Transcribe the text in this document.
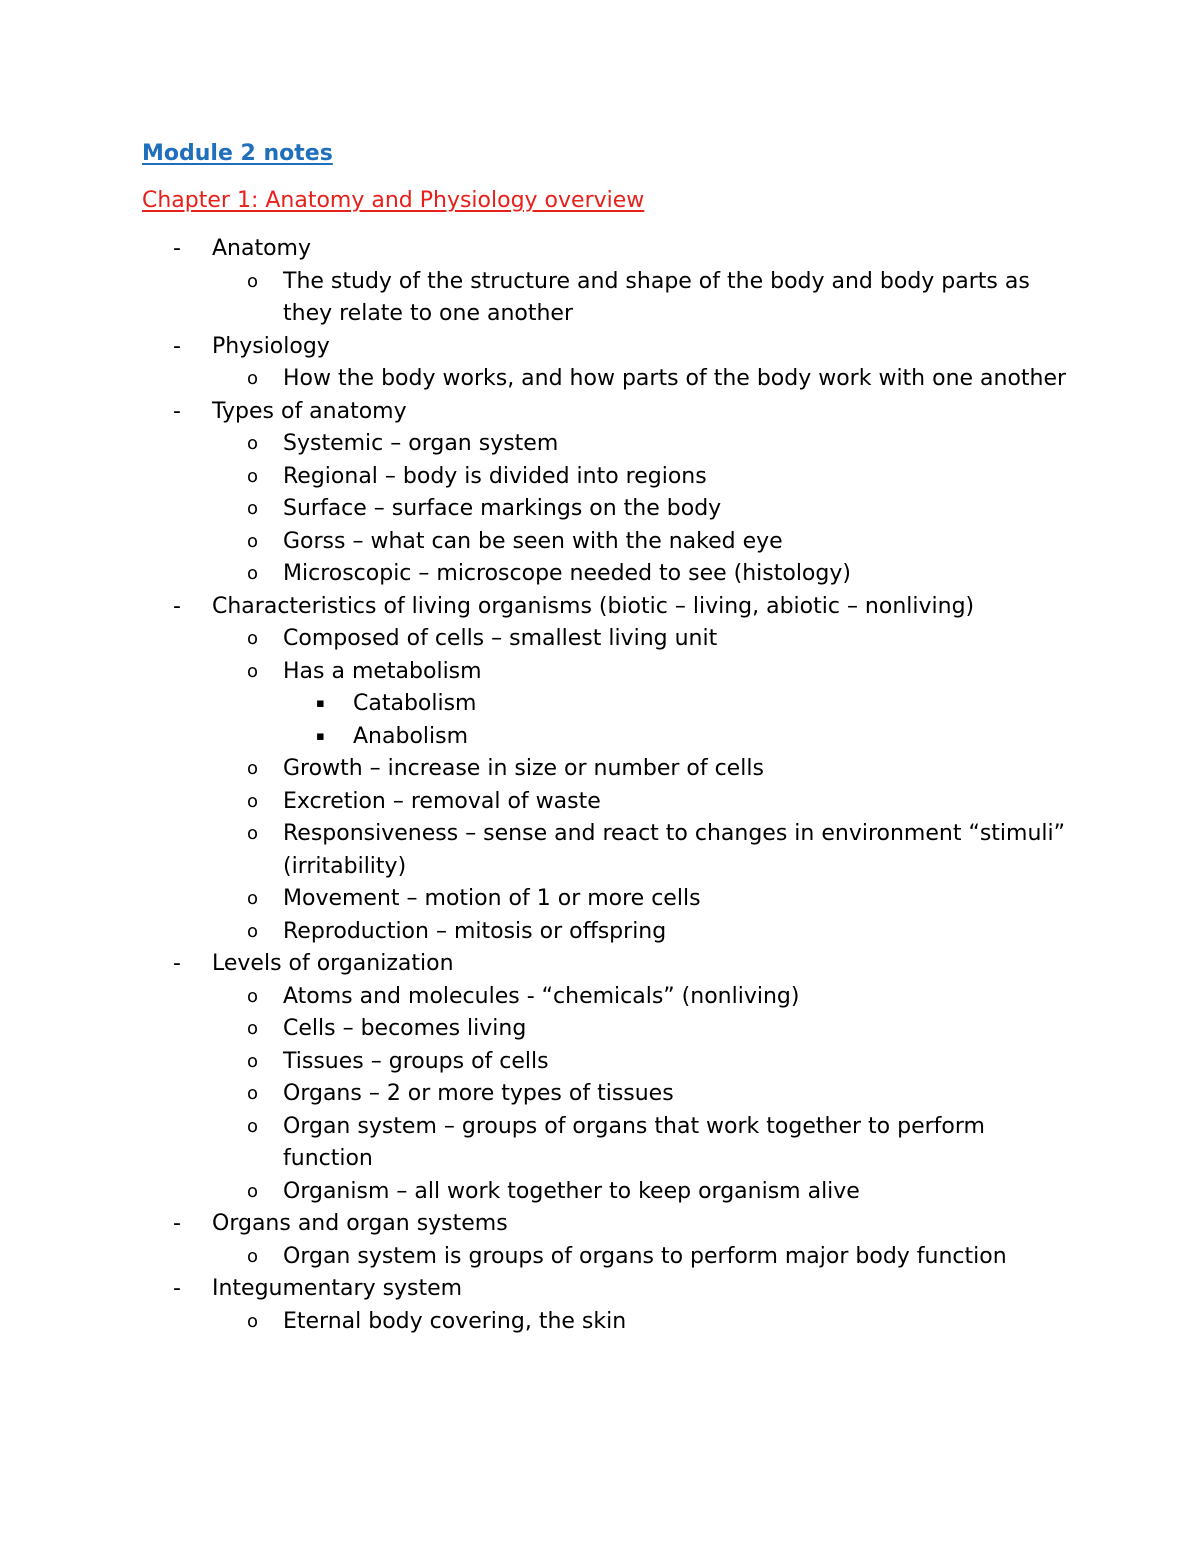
Module 2 notes
Chapter 1: Anatomy and Physiology overview
- Anatomy
o The study of the structure and shape of the body and body parts as they relate to one another
- Physiology
o How the body works, and how parts of the body work with one another
- Types of anatomy
o Systemic – organ system
o Regional – body is divided into regions
o Surface – surface markings on the body
o Gorss – what can be seen with the naked eye
o Microscopic – microscope needed to see (histology)
- Characteristics of living organisms (biotic – living, abiotic – nonliving)
o Composed of cells – smallest living unit
o Has a metabolism
▪ Catabolism
▪ Anabolism
o Growth – increase in size or number of cells
o Excretion – removal of waste
o Responsiveness – sense and react to changes in environment “stimuli” (irritability)
o Movement – motion of 1 or more cells
o Reproduction – mitosis or offspring
- Levels of organization
o Atoms and molecules - “chemicals” (nonliving)
o Cells – becomes living
o Tissues – groups of cells
o Organs – 2 or more types of tissues
o Organ system – groups of organs that work together to perform function
o Organism – all work together to keep organism alive
- Organs and organ systems
o Organ system is groups of organs to perform major body function
- Integumentary system
o Eternal body covering, the skin
